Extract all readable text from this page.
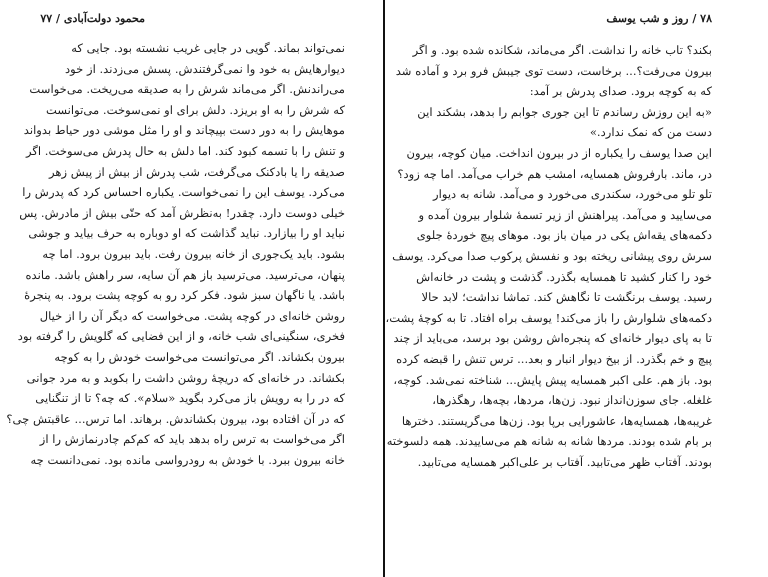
محمود دولت‌آبادی / ۷۷
نمی‌تواند بماند. گویی در جایی غریب نشسته بود. جایی که
دیوارهایش به خود وا نمی‌گرفتندش. پسش می‌زدند. از خود
می‌راندنش. اگر می‌ماند شرش را به صدیقه می‌ریخت. می‌خواست
که شرش را به او بریزد. دلش برای او نمی‌سوخت. می‌توانست
موهایش را به دور دست بپیچاند و او را مثل موشی دور حیاط بدواند
و تنش را با تسمه کبود کند. اما دلش به حال پدرش می‌سوخت. اگر
صدیقه را یا بادکنک می‌گرفت، شب پدرش از بیش از پیش زهر
می‌کرد. یوسف این را نمی‌خواست. یکباره احساس کرد که پدرش را
خیلی دوست دارد. چقدر! به‌نظرش آمد که حتّی بیش از مادرش. پس
نباید او را بیازارد. نباید گذاشت که او دوباره به حرف بیاید و جوشی
بشود. باید یک‌جوری از خانه بیرون رفت. باید بیرون برود. اما چه
پنهان، می‌ترسید. می‌ترسید باز هم آن سایه، سر راهش باشد. مانده
باشد. یا ناگهان سبز شود. فکر کرد رو به کوچه پشت برود. به پنجرهٔ
روشن خانه‌ای در کوچه پشت. می‌خواست که دیگر آن را از خیال
فخری، سنگینی‌ای شب خانه، و از این فضایی که گلویش را گرفته بود
بیرون بکشاند. اگر می‌توانست می‌خواست خودش را به کوچه
بکشاند. در خانه‌ای که دریچهٔ روشن داشت را بکوبد و به مرد جوانی
که در را به رویش باز می‌کرد بگوید «سلام». که چه؟ تا از تنگنایی
که در آن افتاده بود، بیرون بکشاندش. برهاند. اما ترس... عاقبتش چی؟
اگر می‌خواست به ترس راه بدهد باید که کم‌کم چادرنمازش را از
خانه بیرون ببرد. با خودش به رودرواسی مانده بود. نمی‌دانست چه
۷۸ / روز و شب یوسف
بکند؟ تاب خانه را نداشت. اگر می‌ماند، شکانده شده بود. و اگر
بیرون می‌رفت؟... برخاست، دست توی جیبش فرو برد و آماده شد
که به کوچه برود. صدای پدرش بر آمد:
«به این روزش رساندم تا این جوری جوابم را بدهد، بشکند این
دست من که نمک ندارد.»
این صدا یوسف را یکباره از در بیرون انداخت. میان کوچه، بیرون
در، ماند. بارفروش همسایه، امشب هم خراب می‌آمد. اما چه زود؟
تلو تلو می‌خورد، سکندری می‌خورد و می‌آمد. شانه به دیوار
می‌سایید و می‌آمد. پیراهنش از زیر تسمهٔ شلوار بیرون آمده و
دکمه‌های یقه‌اش یکی در میان باز بود. موهای پیچ خوردهٔ جلوی
سرش روی پیشانی ریخته بود و نفسش پرکوب صدا می‌کرد. یوسف
خود را کنار کشید تا همسایه بگذرد. گذشت و پشت در خانه‌اش
رسید. یوسف برنگشت تا نگاهش کند. تماشا نداشت؛ لابد حالا
دکمه‌های شلوارش را باز می‌کند! یوسف براه افتاد. تا به کوچهٔ پشت،
تا به پای دیوار خانه‌ای که پنجره‌اش روشن بود برسد، می‌باید از چند
پیچ و خم بگذرد. از بیخ دیوار انبار و بعد... ترس تنش را قبضه کرده
بود. باز هم. علی اکبر همسایه پیش پایش... شناخته نمی‌شد. کوچه،
غلغله. جای سوزن‌انداز نبود. زن‌ها، مردها، بچه‌ها، رهگذرها،
غریبه‌ها، همسایه‌ها، عاشورایی برپا بود. زن‌ها می‌گریستند. دخترها
بر بام شده بودند. مردها شانه به شانه هم می‌ساییدند. همه دلسوخته
بودند. آفتاب ظهر می‌تابید. آفتاب بر علی‌اکبر همسایه می‌تابید.
